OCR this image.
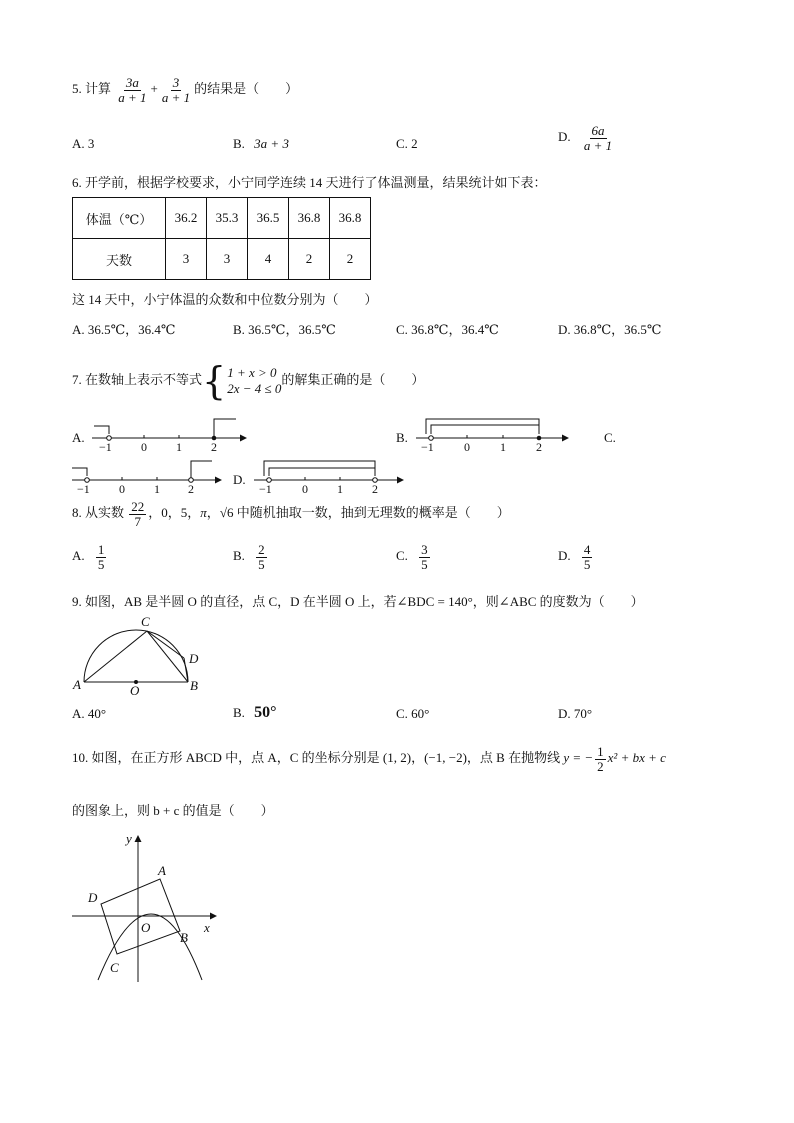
5. 计算 $\frac{3a}{a + 1} + \frac{3}{a + 1}$ 的结果是（　　）
A. 3	B. 3a + 3	C. 2	D. $\frac{6a}{a + 1}$
6. 开学前，根据学校要求，小宁同学连续 14 天进行了体温测量，结果统计如下表：
体温（℃）	36.2	35.3	36.5	36.8	36.8
天数	3	3	4	2	2
这 14 天中，小宁体温的众数和中位数分别为（　　）
A. 36.5℃，36.4℃	B. 36.5℃，36.5℃	C. 36.8℃，36.4℃	D. 36.8℃，36.5℃
7. 在数轴上表示不等式 { 1 + x > 0
2x − 4 ≤ 0
的解集正确的是（　　）
A.
−1 0 1 2
B.
−1	0	1	2
C.
−1 0 1 2
D.
−1	0 1 2
8. 从实数 $\frac{22}{7}$ ，0，5，π，√6 中随机抽取一数，抽到无理数的概率是（　　）
A. $\frac{1}{5}$	B. $\frac{2}{5}$	C. $\frac{3}{5}$	D. $\frac{4}{5}$
9. 如图，AB 是半圆 O 的直径，点 C，D 在半圆 O 上，若∠BDC = 140°，则∠ABC 的度数为（　　）
A	B
C
D
O
A. 40°	B. 50°	C. 60°	D. 70°
10. 如图，在正方形 ABCD 中，点 A，C 的坐标分别是 (1, 2)，(−1, −2)，点 B 在抛物线 y = − $\frac{1}{2} x^2$ + bx + c
的图象上，则 b + c 的值是（　　）
A
B
C
D
O	x
y
